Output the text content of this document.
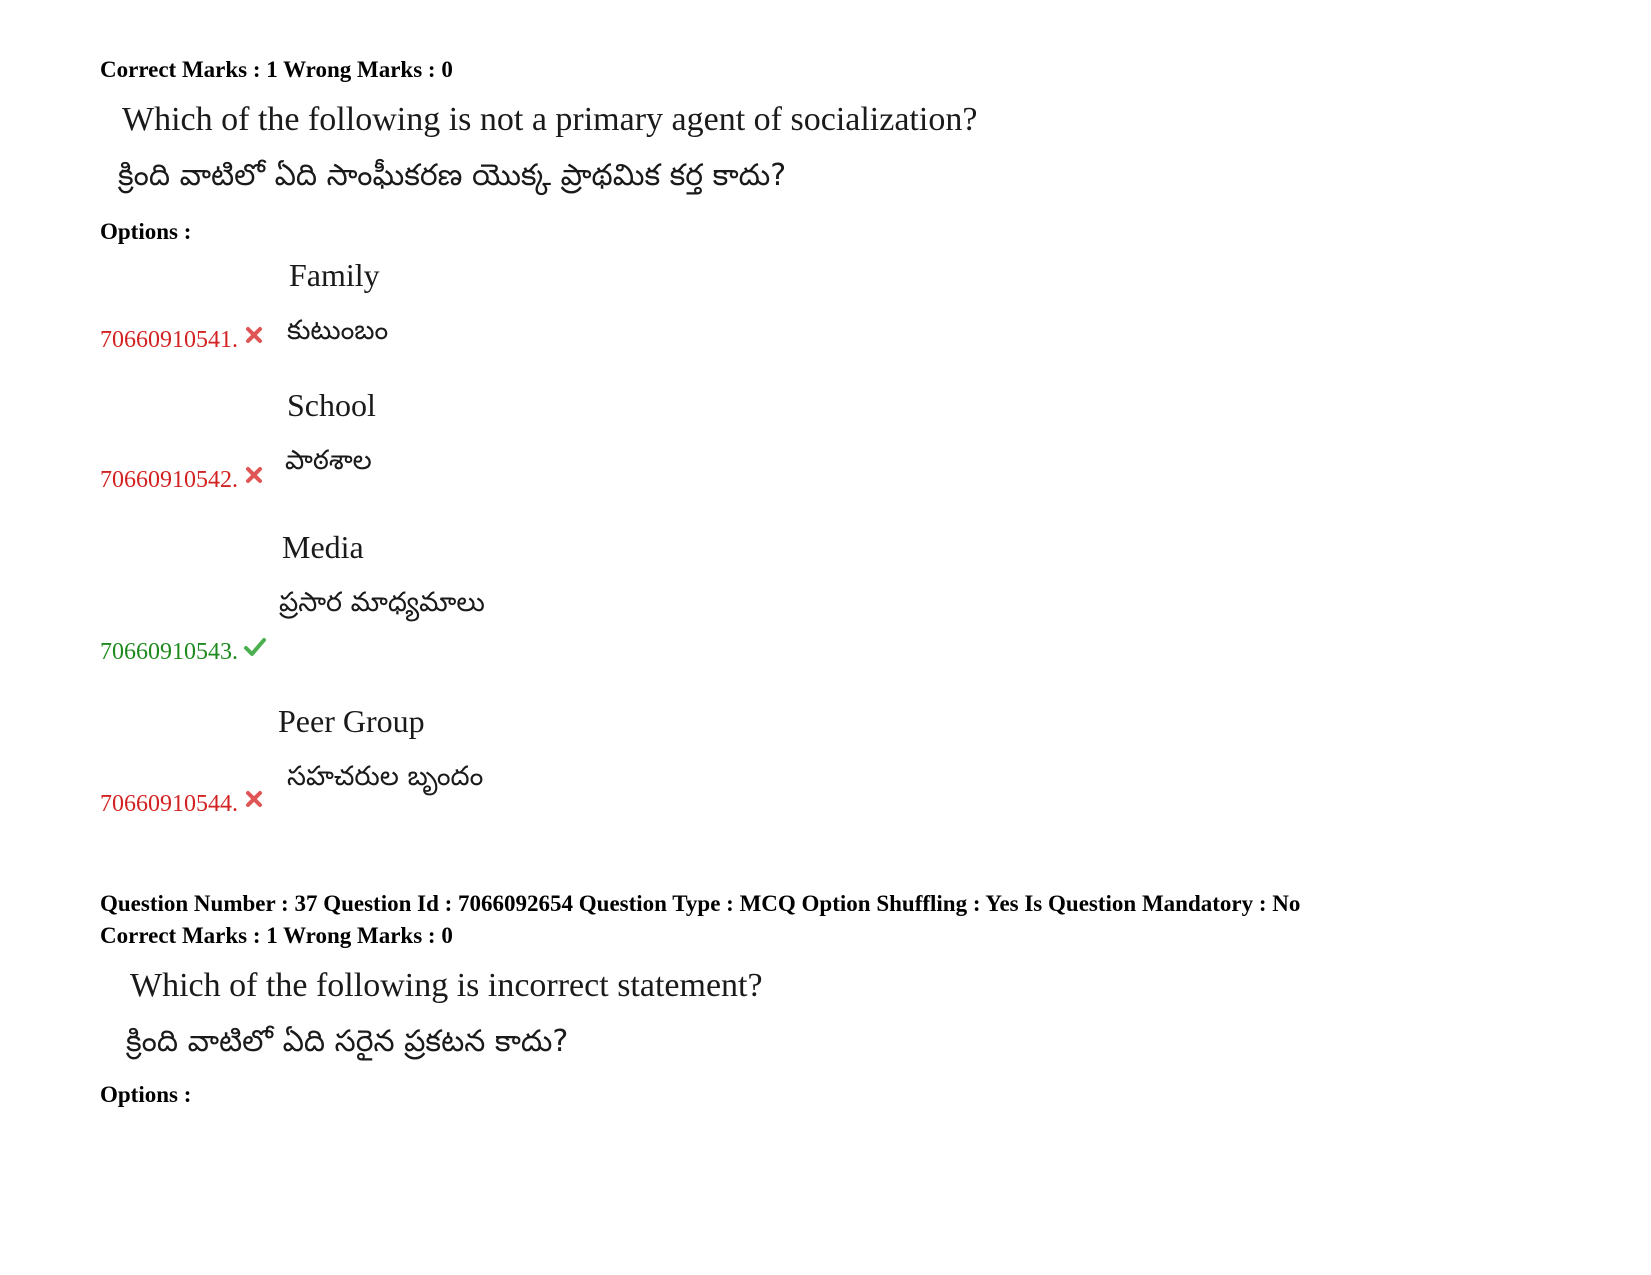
Correct Marks : 1 Wrong Marks : 0
Which of the following is not a primary agent of socialization?
క్రింది వాటిలో ఏది సాంఘీకరణ యొక్క ప్రాథమిక కర్త కాదు?
Options :
Family
కుటుంబం
70660910541.
School
పాఠశాల
70660910542.
Media
ప్రసార మాధ్యమాలు
70660910543.
Peer Group
సహచరుల బృందం
70660910544.
Question Number : 37 Question Id : 7066092654 Question Type : MCQ Option Shuffling : Yes Is Question Mandatory : No
Correct Marks : 1 Wrong Marks : 0
Which of the following is incorrect statement?
క్రింది వాటిలో ఏది సరైన ప్రకటన కాదు?
Options :
